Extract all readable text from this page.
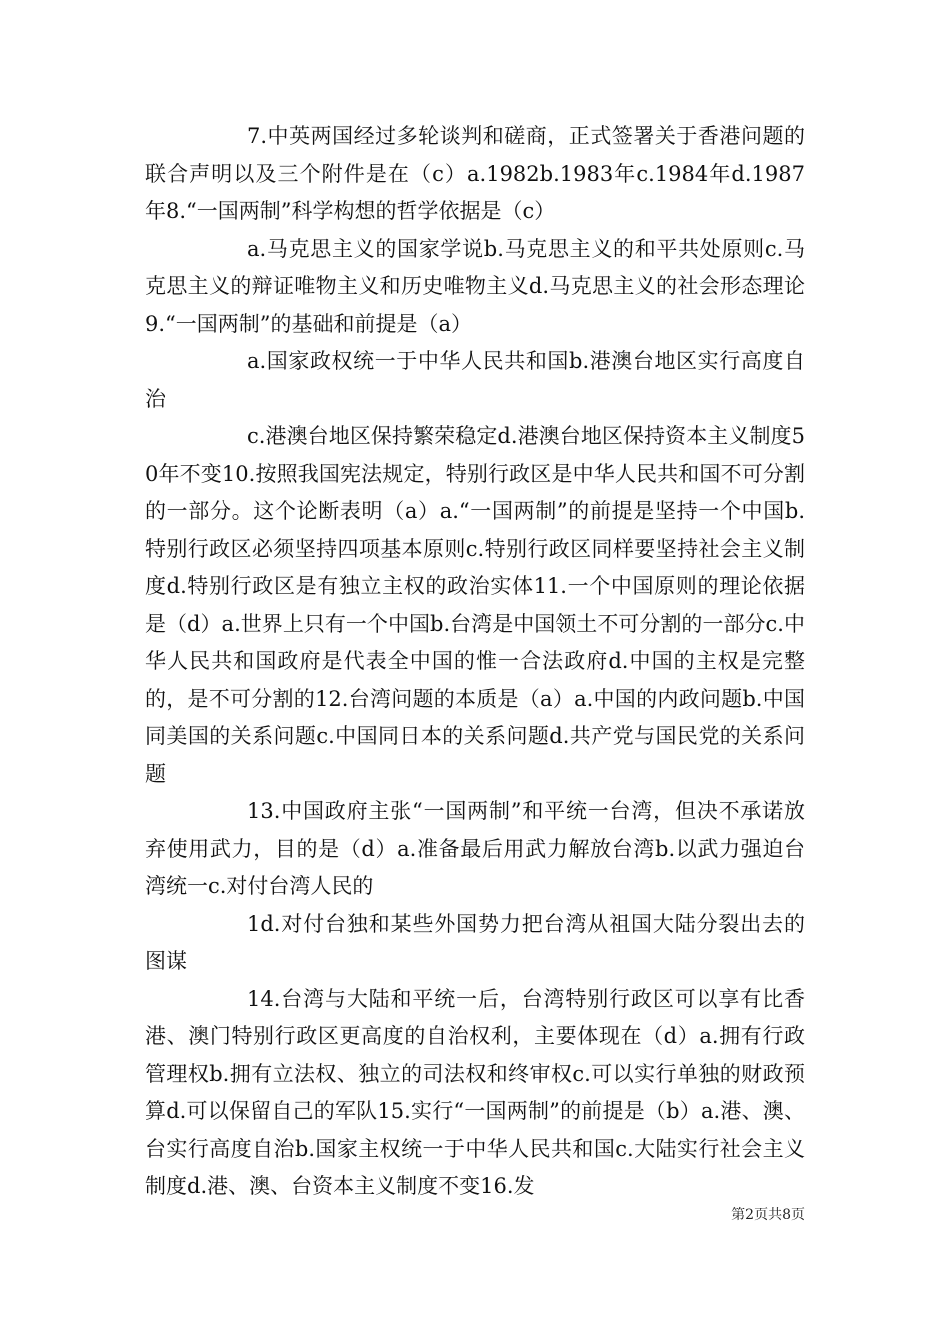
7.中英两国经过多轮谈判和磋商，正式签署关于香港问题的联合声明以及三个附件是在（c）a.1982b.1983年c.1984年d.1987年8.“一国两制”科学构想的哲学依据是（c）

a.马克思主义的国家学说b.马克思主义的和平共处原则c.马克思主义的辩证唯物主义和历史唯物主义d.马克思主义的社会形态理论9.“一国两制”的基础和前提是（a）

a.国家政权统一于中华人民共和国b.港澳台地区实行高度自治

c.港澳台地区保持繁荣稳定d.港澳台地区保持资本主义制度50年不变10.按照我国宪法规定，特别行政区是中华人民共和国不可分割的一部分。这个论断表明（a）a.“一国两制”的前提是坚持一个中国b.特别行政区必须坚持四项基本原则c.特别行政区同样要坚持社会主义制度d.特别行政区是有独立主权的政治实体11.一个中国原则的理论依据是（d）a.世界上只有一个中国b.台湾是中国领土不可分割的一部分c.中华人民共和国政府是代表全中国的惟一合法政府d.中国的主权是完整的，是不可分割的12.台湾问题的本质是（a）a.中国的内政问题b.中国同美国的关系问题c.中国同日本的关系问题d.共产党与国民党的关系问题

13.中国政府主张“一国两制”和平统一台湾，但决不承诺放弃使用武力，目的是（d）a.准备最后用武力解放台湾b.以武力强迫台湾统一c.对付台湾人民的

1d.对付台独和某些外国势力把台湾从祖国大陆分裂出去的图谋

14.台湾与大陆和平统一后，台湾特别行政区可以享有比香港、澳门特别行政区更高度的自治权利，主要体现在（d）a.拥有行政管理权b.拥有立法权、独立的司法权和终审权c.可以实行单独的财政预算d.可以保留自己的军队15.实行“一国两制”的前提是（b）a.港、澳、台实行高度自治b.国家主权统一于中华人民共和国c.大陆实行社会主义制度d.港、澳、台资本主义制度不变16.发

第2页共8页
